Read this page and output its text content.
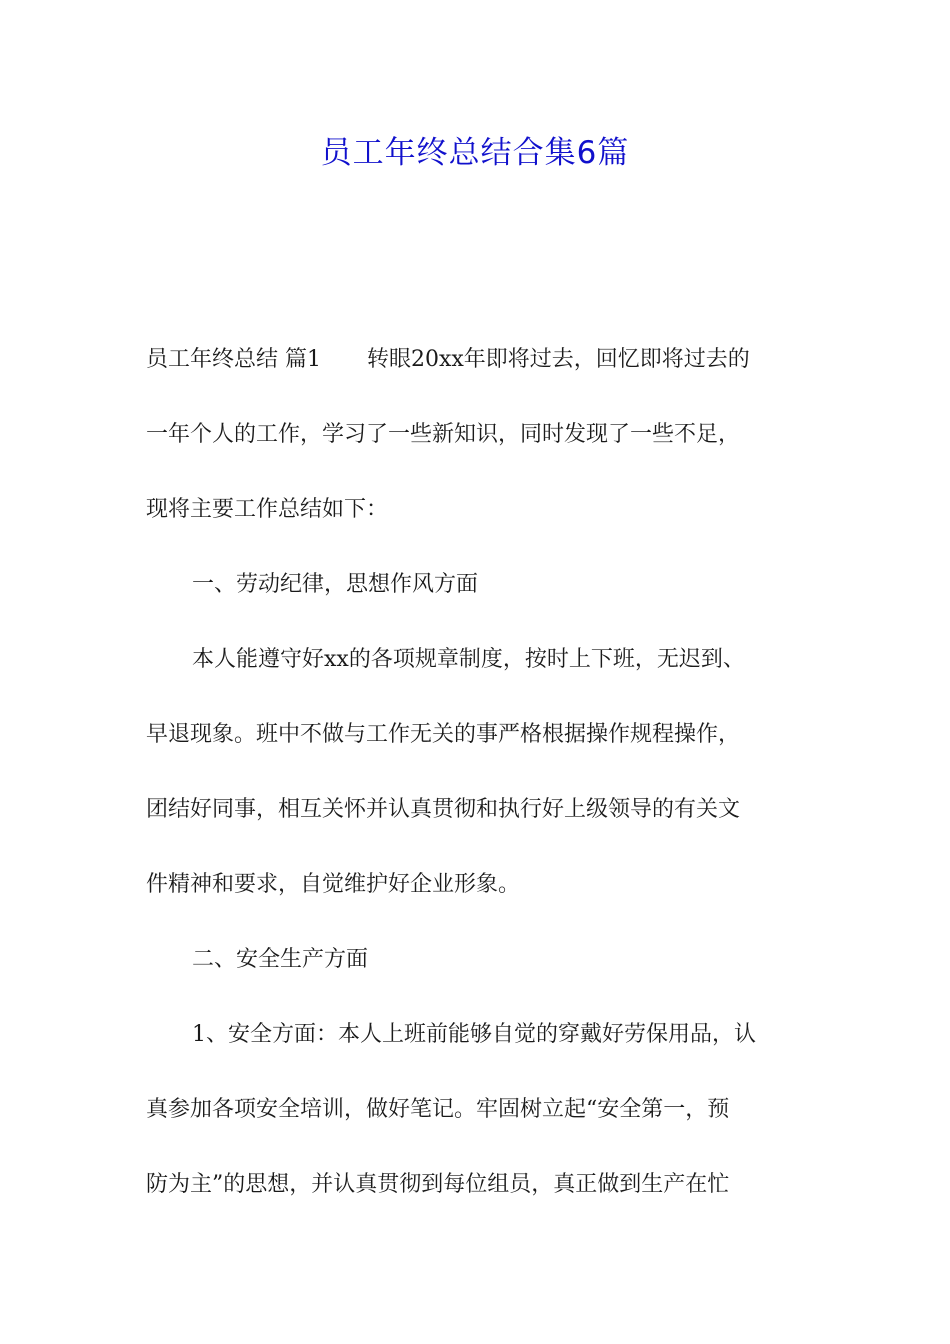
员工年终总结合集6篇

员工年终总结 篇1 转眼20xx年即将过去，回忆即将过去的

一年个人的工作，学习了一些新知识，同时发现了一些不足，

现将主要工作总结如下：

一、劳动纪律，思想作风方面

本人能遵守好xx的各项规章制度，按时上下班，无迟到、

早退现象。班中不做与工作无关的事严格根据操作规程操作，

团结好同事，相互关怀并认真贯彻和执行好上级领导的有关文

件精神和要求，自觉维护好企业形象。

二、安全生产方面

1、安全方面：本人上班前能够自觉的穿戴好劳保用品，认

真参加各项安全培训，做好笔记。牢固树立起“安全第一，预

防为主”的思想，并认真贯彻到每位组员，真正做到生产在忙
